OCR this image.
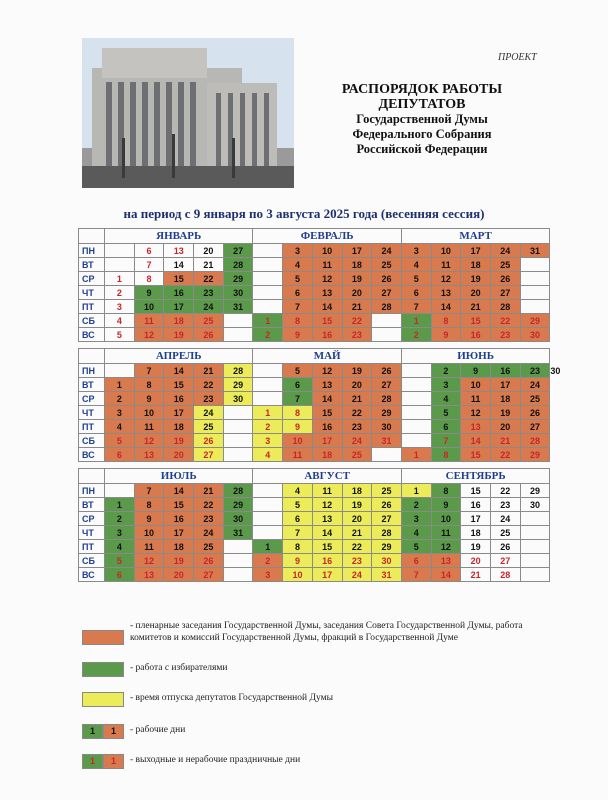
ПРОЕКТ
РАСПОРЯДОК РАБОТЫ
ДЕПУТАТОВ
Государственной Думы
Федерального Собрания
Российской Федерации
на период с 9 января по 3 августа 2025 года (весенняя сессия)
	ЯНВАРЬ					ФЕВРАЛЬ					МАРТ					
ПН		6	13	20	27		3	10	17	24	3	10	17	24	31	
ВТ		7	14	21	28		4	11	18	25	4	11	18	25		
СР	1	8	15	22	29		5	12	19	26	5	12	19	26		
ЧТ	2	9	16	23	30		6	13	20	27	6	13	20	27		
ПТ	3	10	17	24	31		7	14	21	28	7	14	21	28		
СБ	4	11	18	25		1	8	15	22		1	8	15	22	29	
ВС	5	12	19	26		2	9	16	23		2	9	16	23	30	

	АПРЕЛЬ					МАЙ					ИЮНЬ					
ПН		7	14	21	28		5	12	19	26		2	9	16	23	30
ВТ	1	8	15	22	29		6	13	20	27		3	10	17	24	
СР	2	9	16	23	30		7	14	21	28		4	11	18	25	
ЧТ	3	10	17	24		1	8	15	22	29		5	12	19	26	
ПТ	4	11	18	25		2	9	16	23	30		6	13	20	27	
СБ	5	12	19	26		3	10	17	24	31		7	14	21	28	
ВС	6	13	20	27		4	11	18	25		1	8	15	22	29	

	ИЮЛЬ					АВГУСТ					СЕНТЯБРЬ					
ПН		7	14	21	28		4	11	18	25	1	8	15	22	29	
ВТ	1	8	15	22	29		5	12	19	26	2	9	16	23	30	
СР	2	9	16	23	30		6	13	20	27	3	10	17	24		
ЧТ	3	10	17	24	31		7	14	21	28	4	11	18	25		
ПТ	4	11	18	25		1	8	15	22	29	5	12	19	26		
СБ	5	12	19	26		2	9	16	23	30	6	13	20	27		
ВС	6	13	20	27		3	10	17	24	31	7	14	21	28		
- пленарные заседания Государственной Думы, заседания Совета Государственной Думы, работа комитетов и комиссий Государственной Думы, фракций в Государственной Думе
- работа с избирателями
- время отпуска депутатов Государственной Думы
1	1	- рабочие дни
1	1	- выходные и нерабочие праздничные дни
